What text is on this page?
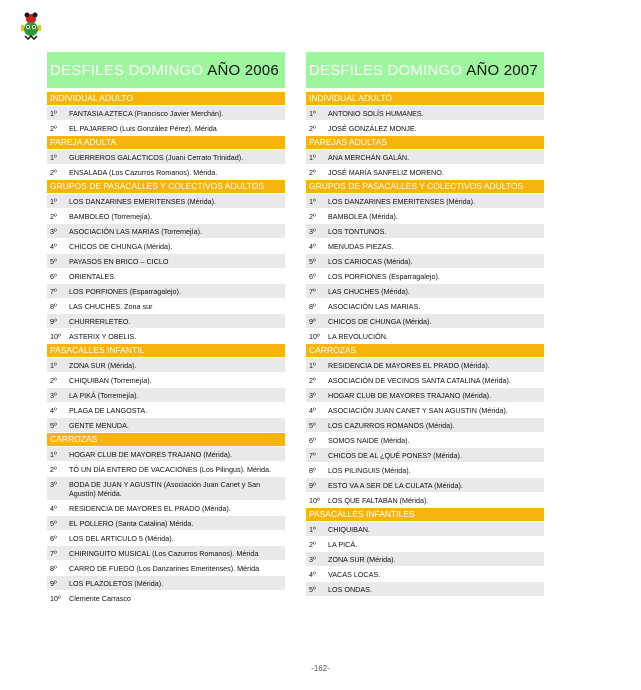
DESFILES DOMINGO AÑO 2006
INDIVIDUAL ADULTO
1º	FANTASIA AZTECA (Francisco Javier Merchán).
2º	EL PAJARERO (Luis González Pérez). Mérida
PAREJA ADULTA
1º	GUERREROS GALACTICOS (Juani Cerrato Trinidad).
2º	ENSALADA (Los Cazurros Romanos). Mérida.
GRUPOS DE PASACALLES Y COLECTIVOS ADULTOS
1º	LOS DANZARINES EMERITENSES (Mérida).
2º	BAMBOLEO (Torremejía).
3º	ASOCIACIÓN LAS MARIAS (Torremejía).
4º	CHICOS DE CHUNGA (Mérida).
5º	PAYASOS EN BRICO – CICLO
6º	ORIENTALES.
7º	LOS PORFIONES (Esparragalejo).
8º	LAS CHUCHES. Zona sur
9º	CHURRERLETEO.
10º	ASTERIX Y OBELIS.
PASACALLES INFANTIL
1º	ZONA SUR (Mérida).
2º	CHIQUIBAN (Torremejía).
3º	LA PIKÁ (Torremejía).
4º	PLAGA DE LANGOSTA.
5º	GENTE MENUDA.
CARROZAS
1º	HOGAR CLUB DE MAYORES TRAJANO (Mérida).
2º	TÓ UN DÍA ENTERO DE VACACIONES (Los Pilingus). Mérida.
3º	BODA DE JUAN Y AGUSTIN (Asociación Juan Canet y San Agustín) Mérida.
4º	RESIDENCIA DE MAYORES EL PRADO (Mérida).
5º	EL POLLERO (Santa Catalina) Mérida.
6º	LOS DEL ARTICULO 5 (Mérida).
7º	CHIRINGUITO MUSICAL (Los Cazurros Romanos). Mérida
8º	CARRO DE FUEGO (Los Danzarines Emeritenses). Mérida
9º	LOS PLAZOLETOS (Mérida).
10º	Clemente Carrasco
DESFILES DOMINGO AÑO 2007
INDIVIDUAL ADULTO
1º	ANTONIO SOLÍS HUMANES.
2º	JOSÉ GONZÁLEZ MONJE.
PAREJAS ADULTAS
1º	ANA MERCHÁN GALÁN.
2º	JOSÉ MARÍA SANFELIZ MORENO.
GRUPOS DE PASACALLES Y COLECTIVOS ADULTOS
1º	LOS DANZARINES EMERITENSES (Mérida).
2º	BAMBOLEA (Mérida).
3º	LOS TONTUNOS.
4º	MENUDAS PIEZAS.
5º	LOS CARIOCAS (Mérida).
6º	LOS PORFIONES (Esparragalejo).
7º	LAS CHUCHES (Mérida).
8º	ASOCIACIÓN LAS MARIAS.
9º	CHICOS DE CHUNGA (Mérida).
10º	LA REVOLUCIÓN.
CARROZAS
1º	RESIDENCIA DE MAYORES EL PRADO (Mérida).
2º	ASOCIACIÓN DE VECINOS SANTA CATALINA (Mérida).
3º	HOGAR CLUB DE MAYORES TRAJANO (Mérida).
4º	ASOCIACIÓN JUAN CANET Y SAN AGUSTIN (Mérida).
5º	LOS CAZURROS ROMANOS (Mérida).
6º	SOMOS NAIDE (Mérida).
7º	CHICOS DE AL ¿QUÉ PONES? (Mérida).
8º	LOS PILINGUIS (Mérida).
9º	ESTO VA A SER DE LA CULATA (Mérida).
10º	LOS QUE FALTABAN (Mérida).
PASACALLES INFANTILES
1º	CHIQUIBAN.
2º	LA PICÁ.
3º	ZONA SUR (Mérida).
4º	VACAS LOCAS.
5º	LOS ONDAS.
-162-
